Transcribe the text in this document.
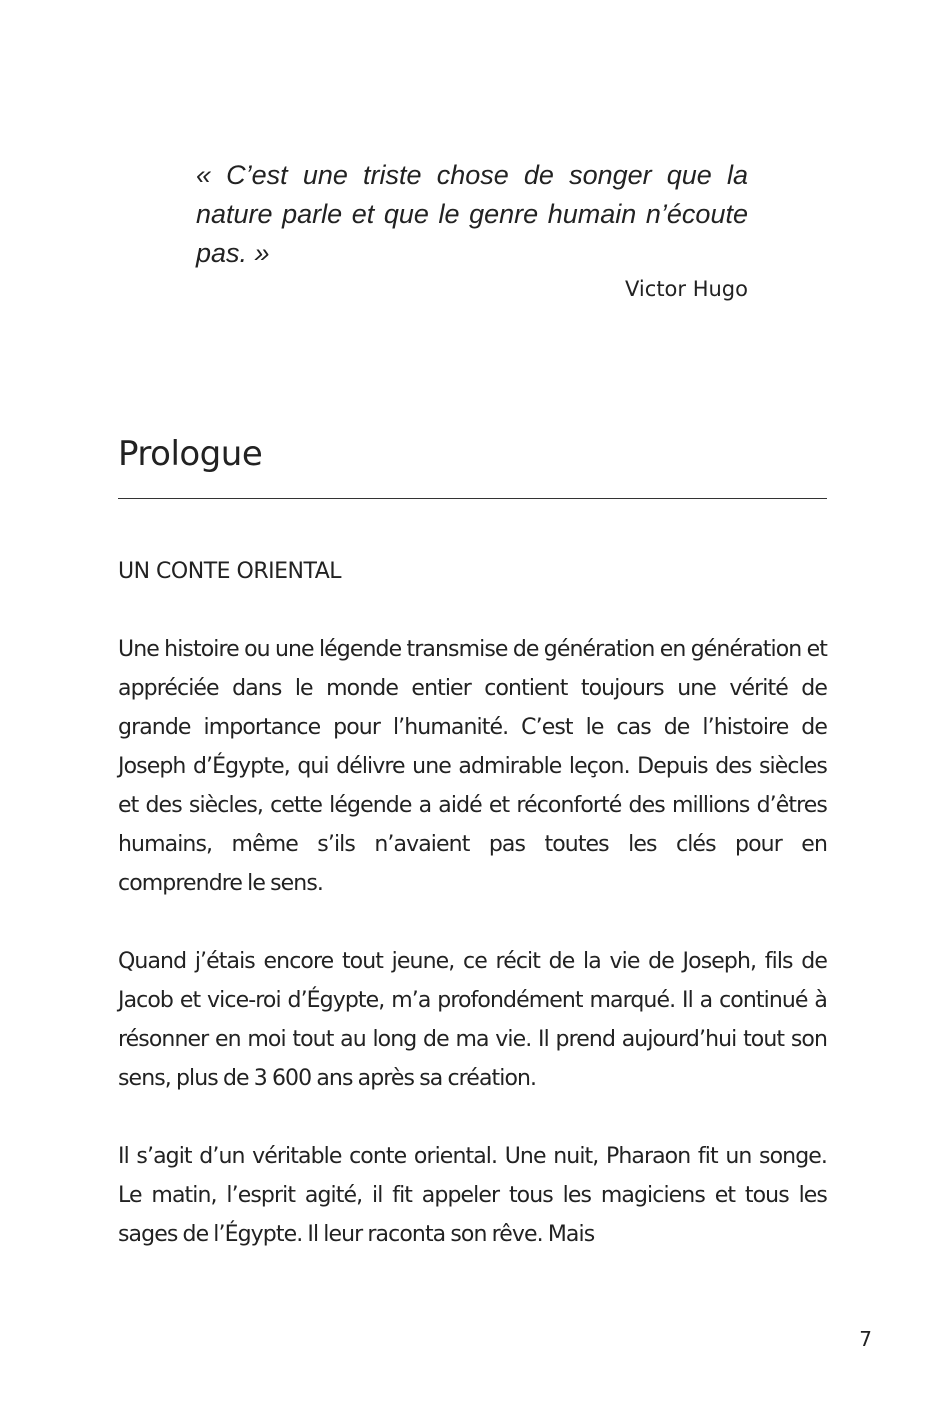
« C’est une triste chose de songer que la nature parle et que le genre humain n’écoute pas. »

Victor Hugo
Prologue
UN CONTE ORIENTAL

Une histoire ou une légende transmise de génération en génération et appréciée dans le monde entier contient toujours une vérité de grande importance pour l’humanité. C’est le cas de l’histoire de Joseph d’Égypte, qui délivre une admirable leçon. Depuis des siècles et des siècles, cette légende a aidé et réconforté des millions d’êtres humains, même s’ils n’avaient pas toutes les clés pour en comprendre le sens.

Quand j’étais encore tout jeune, ce récit de la vie de Joseph, fils de Jacob et vice-roi d’Égypte, m’a profondément marqué. Il a continué à résonner en moi tout au long de ma vie. Il prend aujourd’hui tout son sens, plus de 3 600 ans après sa création.

Il s’agit d’un véritable conte oriental. Une nuit, Pharaon fit un songe. Le matin, l’esprit agité, il fit appeler tous les magiciens et tous les sages de l’Égypte. Il leur raconta son rêve. Mais

7
